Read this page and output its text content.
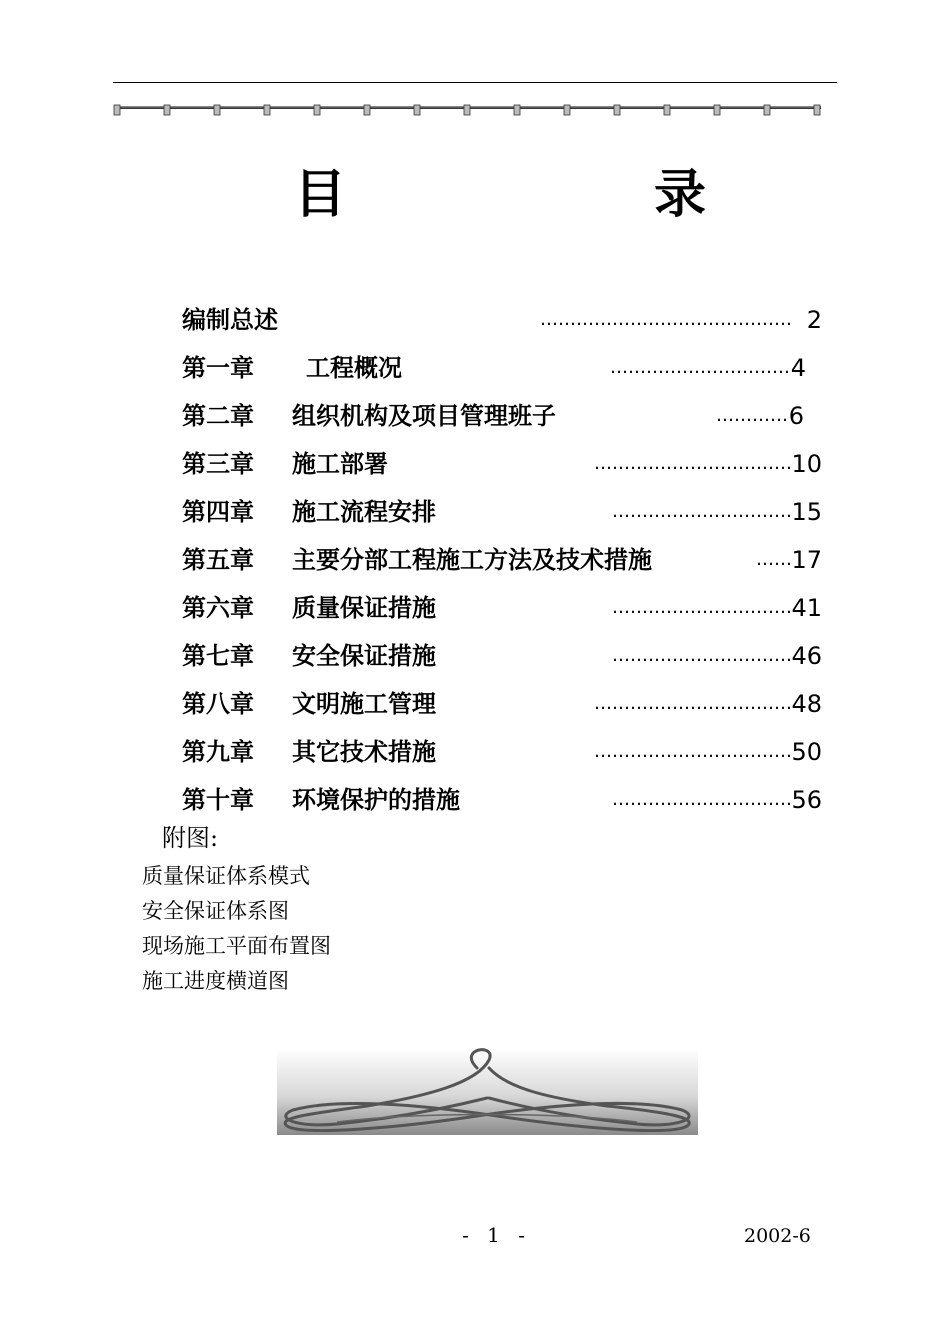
目	录
编制总述	…………………………………… 2
第一章 工程概况	………………………… 4
第二章 组织机构及项目管理班子	………… 6
第三章 施工部署	…………………………… 10
第四章 施工流程安排	………………………… 15
第五章 主要分部工程施工方法及技术措施	…… 17
第六章 质量保证措施	………………………… 41
第七章 安全保证措施	………………………… 46
第八章 文明施工管理	…………………………… 48
第九章 其它技术措施	…………………………… 50
第十章 环境保护的措施	………………………… 56
附图:
质量保证体系模式
安全保证体系图
现场施工平面布置图
施工进度横道图
- 1 -	2002-6
